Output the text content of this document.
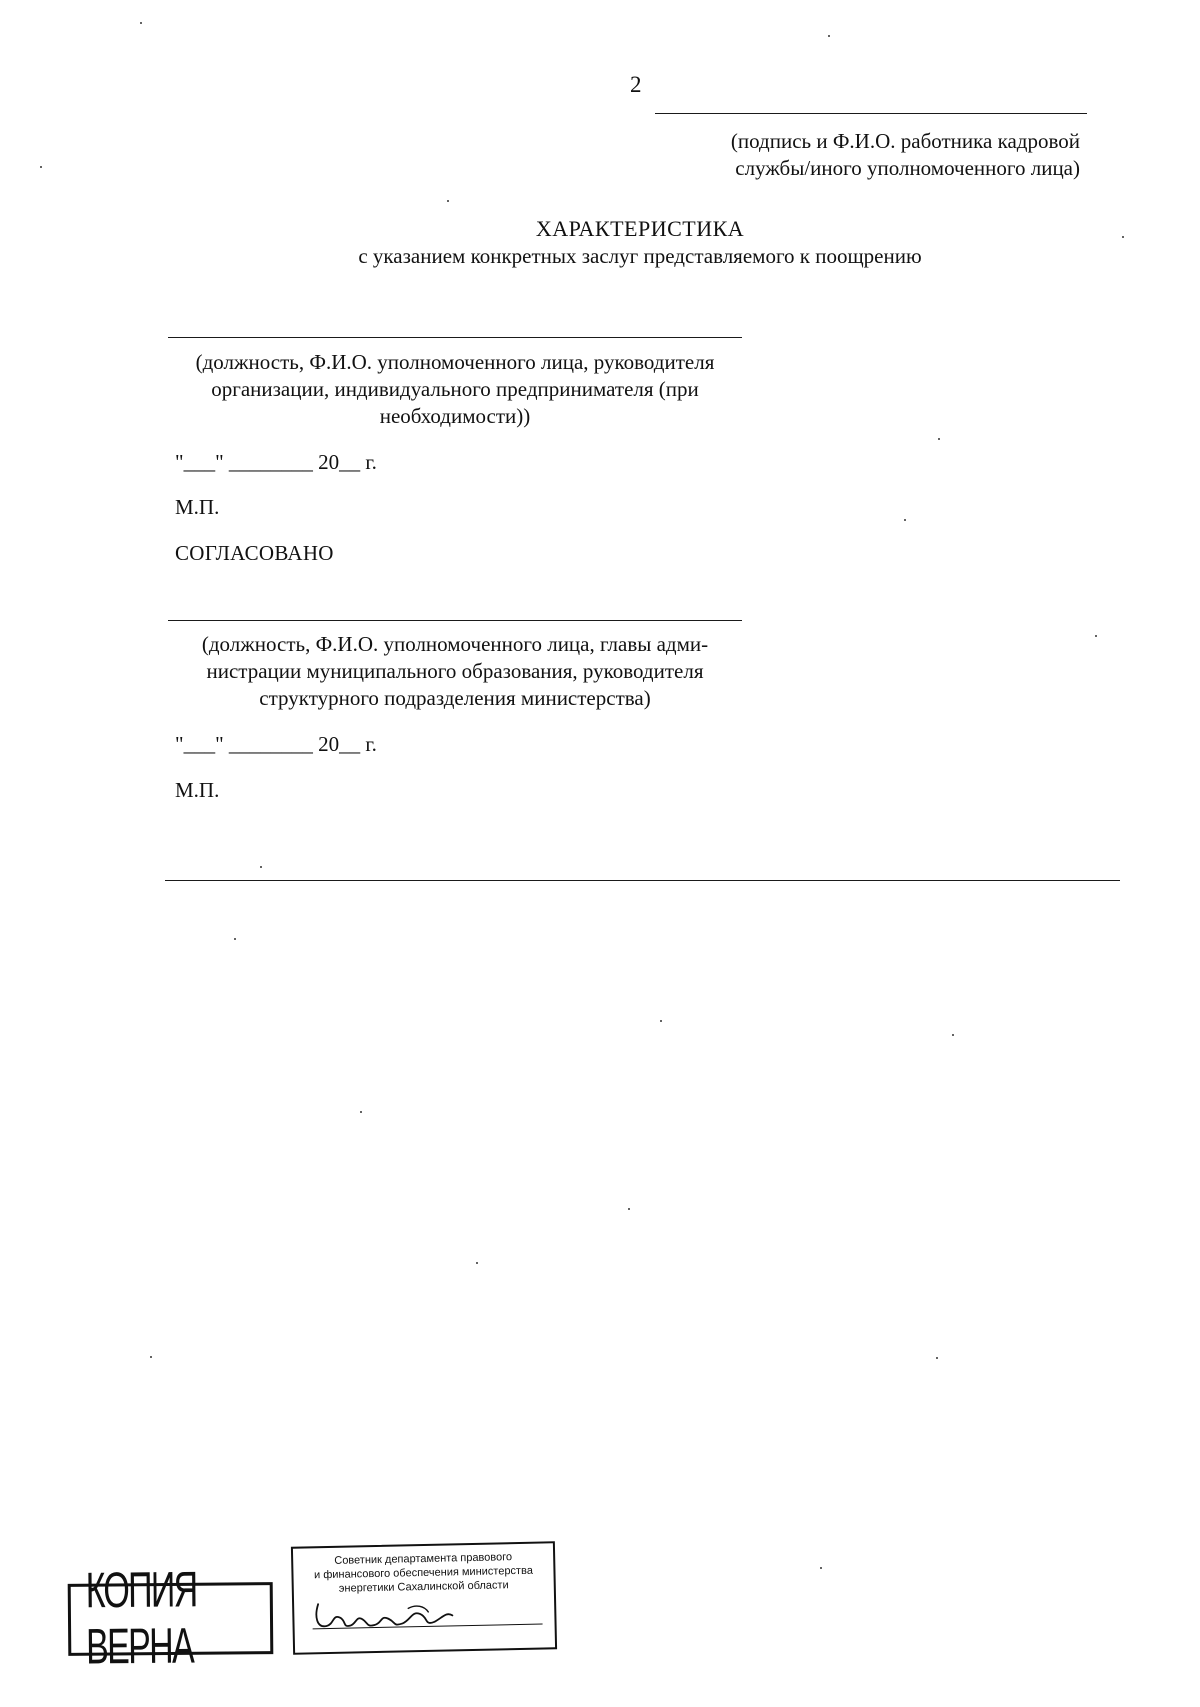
2
(подпись и Ф.И.О. работника кадровой
службы/иного уполномоченного лица)
ХАРАКТЕРИСТИКА
с указанием конкретных заслуг представляемого к поощрению
(должность, Ф.И.О. уполномоченного лица, руководителя
организации, индивидуального предпринимателя (при
необходимости))
"___" ________ 20__ г.
М.П.
СОГЛАСОВАНО
(должность, Ф.И.О. уполномоченного лица, главы адми-
нистрации муниципального образования, руководителя
структурного подразделения министерства)
"___" ________ 20__ г.
М.П.
КОПИЯ ВЕРНА
Советник департамента правового
и финансового обеспечения министерства
энергетики Сахалинской области
